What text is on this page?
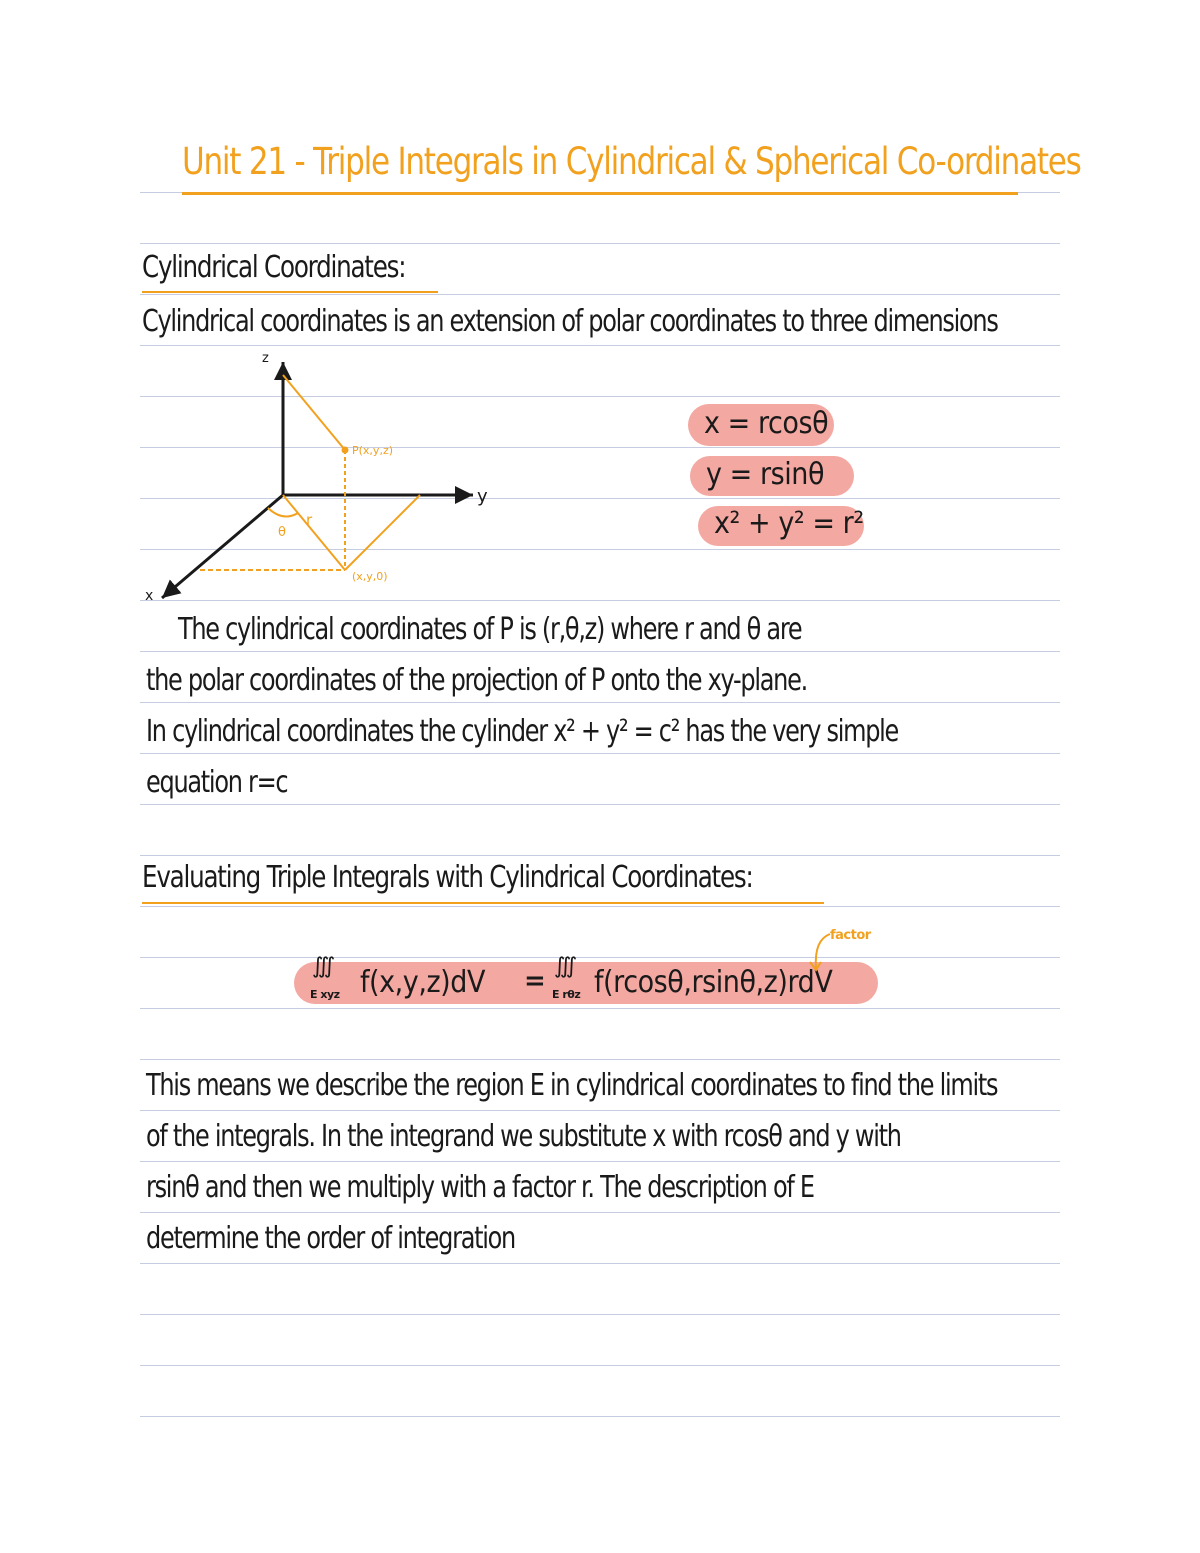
Unit 21 - Triple Integrals in Cylindrical & Spherical Co-ordinates
Cylindrical Coordinates:
Cylindrical coordinates is an extension of polar coordinates to three dimensions
z
y
x
P(x,y,z)
(x,y,0)
θ
r
x = rcosθ
y = rsinθ
x² + y² = r²
The cylindrical coordinates of P is (r,θ,z) where r and θ are
the polar coordinates of the projection of P onto the xy-plane.
In cylindrical coordinates the cylinder x² + y² = c² has the very simple
equation r=c
Evaluating Triple Integrals with Cylindrical Coordinates:
∭
E xyz f(x,y,z)dV = ∭
E rθz f(rcosθ,rsinθ,z)rdV
factor
This means we describe the region E in cylindrical coordinates to find the limits
of the integrals. In the integrand we substitute x with rcosθ and y with
rsinθ and then we multiply with a factor r. The description of E
determine the order of integration
